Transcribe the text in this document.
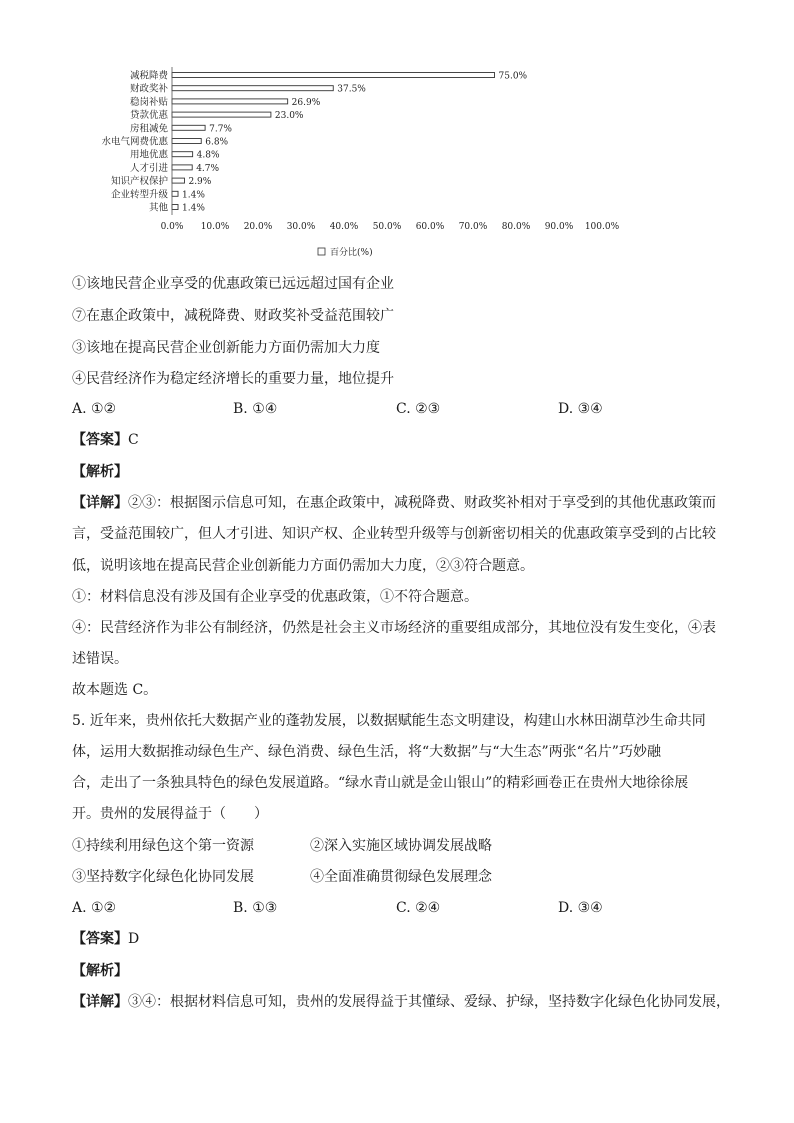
减税降费
财政奖补
稳岗补贴
贷款优惠
房租减免
水电气网费优惠
用地优惠
人才引进
知识产权保护
企业转型升级
其他
75.0%
37.5%
26.9%
23.0%
7.7%
6.8%
4.8%
4.7%
2.9%
1.4%
1.4%
0.0% 10.0% 20.0% 30.0% 40.0% 50.0% 60.0% 70.0% 80.0% 90.0% 100.0%
百分比(%)
①该地民营企业享受的优惠政策已远远超过国有企业
⑦在惠企政策中，减税降费、财政奖补受益范围较广
③该地在提高民营企业创新能力方面仍需加大力度
④民营经济作为稳定经济增长的重要力量，地位提升
A. ①②	B. ①④	C. ②③	D. ③④
【答案】C
【解析】
【详解】②③：根据图示信息可知，在惠企政策中，减税降费、财政奖补相对于享受到的其他优惠政策而
言，受益范围较广，但人才引进、知识产权、企业转型升级等与创新密切相关的优惠政策享受到的占比较
低，说明该地在提高民营企业创新能力方面仍需加大力度，②③符合题意。
①：材料信息没有涉及国有企业享受的优惠政策，①不符合题意。
④：民营经济作为非公有制经济，仍然是社会主义市场经济的重要组成部分，其地位没有发生变化，④表
述错误。
故本题选 C。
5. 近年来，贵州依托大数据产业的蓬勃发展，以数据赋能生态文明建设，构建山水林田湖草沙生命共同
体，运用大数据推动绿色生产、绿色消费、绿色生活，将“大数据”与“大生态”两张“名片”巧妙融
合，走出了一条独具特色的绿色发展道路。“绿水青山就是金山银山”的精彩画卷正在贵州大地徐徐展
开。贵州的发展得益于（　　）
①持续利用绿色这个第一资源	②深入实施区域协调发展战略
③坚持数字化绿色化协同发展	④全面准确贯彻绿色发展理念
A. ①②	B. ①③	C. ②④	D. ③④
【答案】D
【解析】
【详解】③④：根据材料信息可知，贵州的发展得益于其懂绿、爱绿、护绿，坚持数字化绿色化协同发展，
